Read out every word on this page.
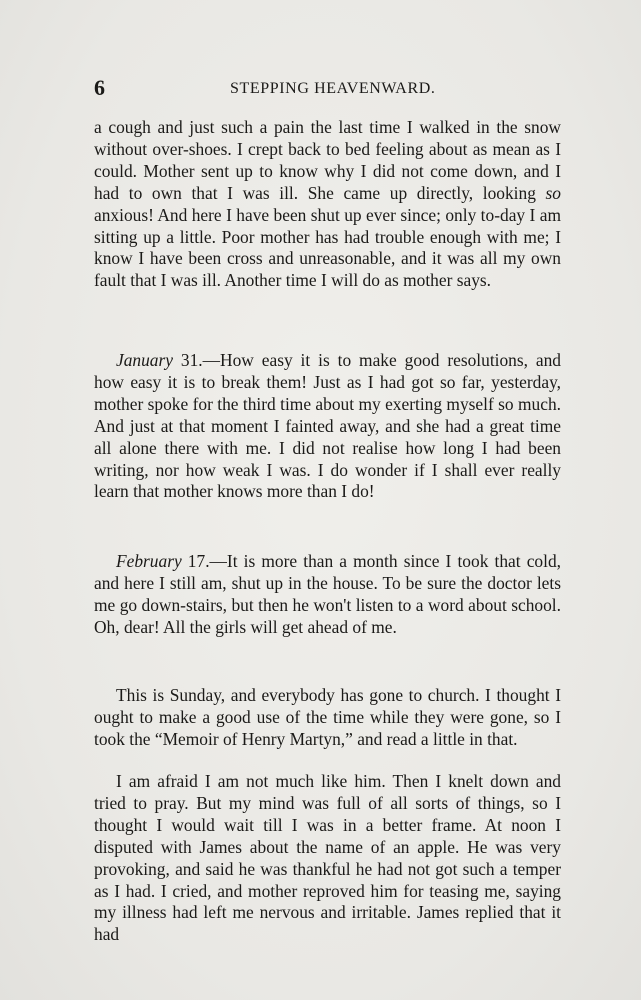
6	STEPPING HEAVENWARD.

a cough and just such a pain the last time I walked in the snow without over-shoes. I crept back to bed feeling about as mean as I could. Mother sent up to know why I did not come down, and I had to own that I was ill. She came up directly, looking so anxious! And here I have been shut up ever since; only to-day I am sitting up a little. Poor mother has had trouble enough with me; I know I have been cross and unreasonable, and it was all my own fault that I was ill. Another time I will do as mother says.

January 31.—How easy it is to make good resolutions, and how easy it is to break them! Just as I had got so far, yesterday, mother spoke for the third time about my exerting myself so much. And just at that moment I fainted away, and she had a great time all alone there with me. I did not realise how long I had been writing, nor how weak I was. I do wonder if I shall ever really learn that mother knows more than I do!

February 17.—It is more than a month since I took that cold, and here I still am, shut up in the house. To be sure the doctor lets me go down-stairs, but then he won't listen to a word about school. Oh, dear! All the girls will get ahead of me.

This is Sunday, and everybody has gone to church. I thought I ought to make a good use of the time while they were gone, so I took the “Memoir of Henry Martyn,” and read a little in that.

I am afraid I am not much like him. Then I knelt down and tried to pray. But my mind was full of all sorts of things, so I thought I would wait till I was in a better frame. At noon I disputed with James about the name of an apple. He was very provoking, and said he was thankful he had not got such a temper as I had. I cried, and mother reproved him for teasing me, saying my illness had left me nervous and irritable. James replied that it had
